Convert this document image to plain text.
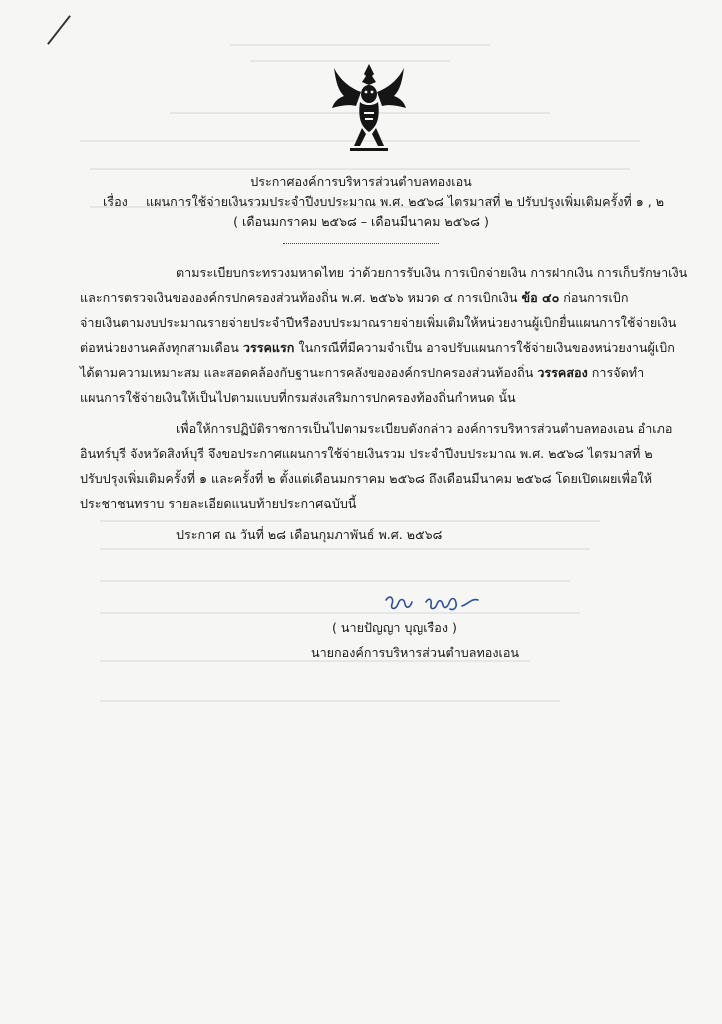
ประกาศองค์การบริหารส่วนตำบลทองเอน
เรื่อง แผนการใช้จ่ายเงินรวมประจำปีงบประมาณ พ.ศ. ๒๕๖๘ ไตรมาสที่ ๒ ปรับปรุงเพิ่มเติมครั้งที่ ๑ , ๒
( เดือนมกราคม ๒๕๖๘ – เดือนมีนาคม ๒๕๖๘ )
ตามระเบียบกระทรวงมหาดไทย ว่าด้วยการรับเงิน การเบิกจ่ายเงิน การฝากเงิน การเก็บรักษาเงิน
และการตรวจเงินขององค์กรปกครองส่วนท้องถิ่น พ.ศ. ๒๕๖๖ หมวด ๔ การเบิกเงิน ข้อ ๔๐ ก่อนการเบิก
จ่ายเงินตามงบประมาณรายจ่ายประจำปีหรืองบประมาณรายจ่ายเพิ่มเติมให้หน่วยงานผู้เบิกยื่นแผนการใช้จ่ายเงิน
ต่อหน่วยงานคลังทุกสามเดือน วรรคแรก ในกรณีที่มีความจำเป็น อาจปรับแผนการใช้จ่ายเงินของหน่วยงานผู้เบิก
ได้ตามความเหมาะสม และสอดคล้องกับฐานะการคลังขององค์กรปกครองส่วนท้องถิ่น วรรคสอง การจัดทำ
แผนการใช้จ่ายเงินให้เป็นไปตามแบบที่กรมส่งเสริมการปกครองท้องถิ่นกำหนด นั้น
เพื่อให้การปฏิบัติราชการเป็นไปตามระเบียบดังกล่าว องค์การบริหารส่วนตำบลทองเอน อำเภอ
อินทร์บุรี จังหวัดสิงห์บุรี จึงขอประกาศแผนการใช้จ่ายเงินรวม ประจำปีงบประมาณ พ.ศ. ๒๕๖๘ ไตรมาสที่ ๒
ปรับปรุงเพิ่มเติมครั้งที่ ๑ และครั้งที่ ๒ ตั้งแต่เดือนมกราคม ๒๕๖๘ ถึงเดือนมีนาคม ๒๕๖๘ โดยเปิดเผยเพื่อให้
ประชาชนทราบ รายละเอียดแนบท้ายประกาศฉบับนี้
ประกาศ ณ วันที่ ๒๘ เดือนกุมภาพันธ์ พ.ศ. ๒๕๖๘
( นายปัญญา บุญเรือง )
นายกองค์การบริหารส่วนตำบลทองเอน
